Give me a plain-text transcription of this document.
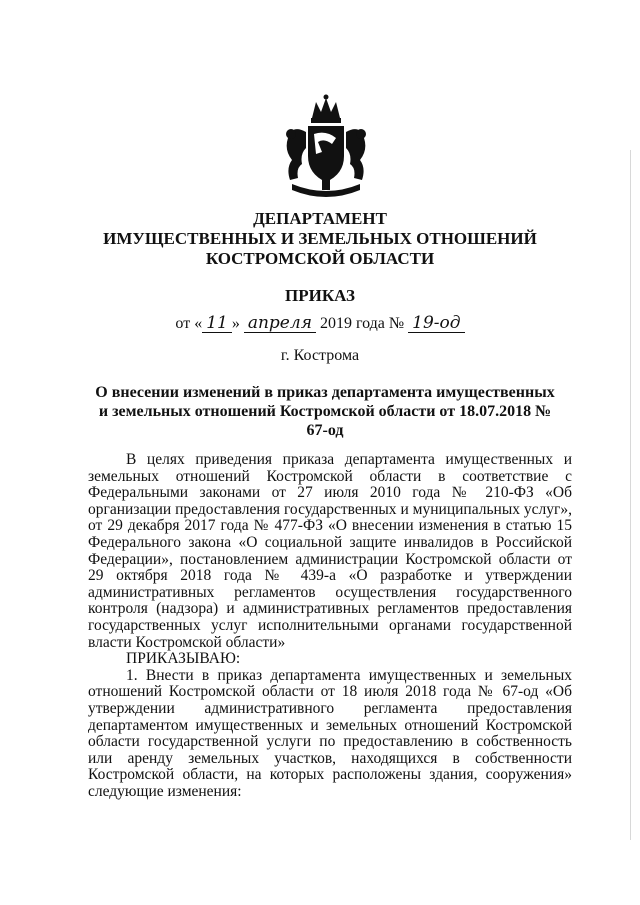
ДЕПАРТАМЕНТ
ИМУЩЕСТВЕННЫХ И ЗЕМЕЛЬНЫХ ОТНОШЕНИЙ
КОСТРОМСКОЙ ОБЛАСТИ
ПРИКАЗ
от « 11 » апреля 2019 года № 19-од
г. Кострома
О внесении изменений в приказ департамента имущественных и земельных отношений Костромской области от 18.07.2018 № 67-од

В целях приведения приказа департамента имущественных и земельных отношений Костромской области в соответствие с Федеральными законами от 27 июля 2010 года № 210-ФЗ «Об организации предоставления государственных и муниципальных услуг», от 29 декабря 2017 года № 477-ФЗ «О внесении изменения в статью 15 Федерального закона «О социальной защите инвалидов в Российской Федерации», постановлением администрации Костромской области от 29 октября 2018 года № 439-а «О разработке и утверждении административных регламентов осуществления государственного контроля (надзора) и административных регламентов предоставления государственных услуг исполнительными органами государственной власти Костромской области»

ПРИКАЗЫВАЮ:

1. Внести в приказ департамента имущественных и земельных отношений Костромской области от 18 июля 2018 года № 67-од «Об утверждении административного регламента предоставления департаментом имущественных и земельных отношений Костромской области государственной услуги по предоставлению в собственность или аренду земельных участков, находящихся в собственности Костромской области, на которых расположены здания, сооружения» следующие изменения:
